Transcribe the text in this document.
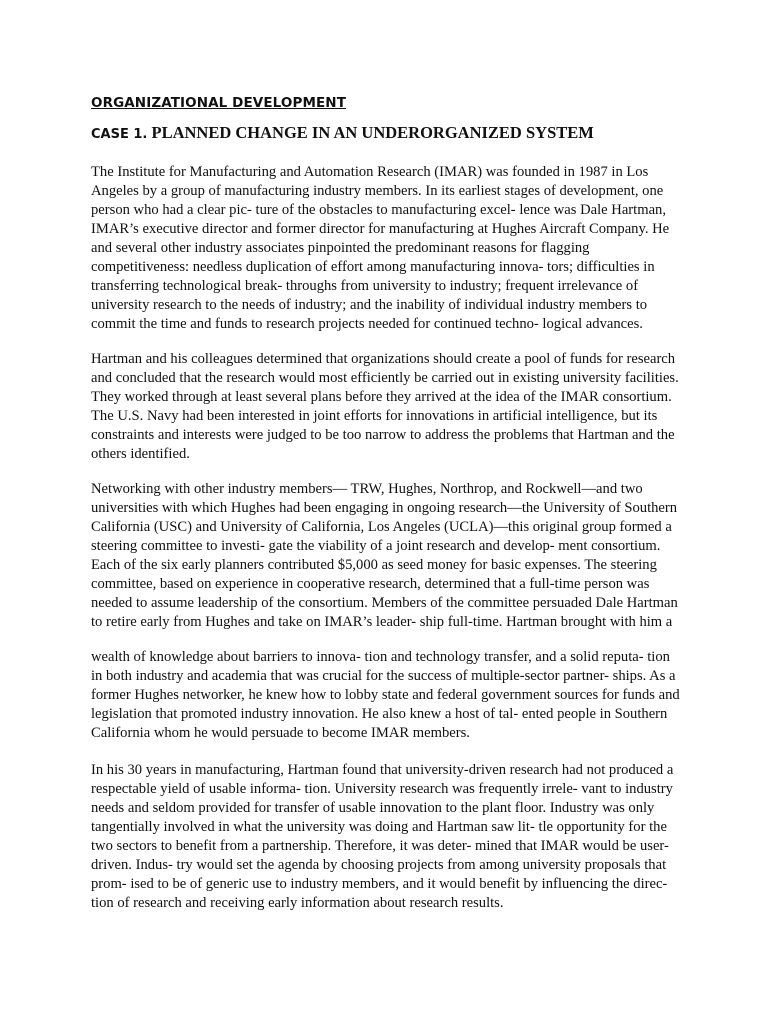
ORGANIZATIONAL DEVELOPMENT
CASE 1. PLANNED CHANGE IN AN UNDERORGANIZED SYSTEM

The Institute for Manufacturing and Automation Research (IMAR) was founded in 1987 in Los Angeles by a group of manufacturing industry members. In its earliest stages of development, one person who had a clear pic- ture of the obstacles to manufacturing excel- lence was Dale Hartman, IMAR’s executive director and former director for manufacturing at Hughes Aircraft Company. He and several other industry associates pinpointed the predominant reasons for flagging competitiveness: needless duplication of effort among manufacturing innova- tors; difficulties in transferring technological break- throughs from university to industry; frequent irrelevance of university research to the needs of industry; and the inability of individual industry members to commit the time and funds to research projects needed for continued techno- logical advances.

Hartman and his colleagues determined that organizations should create a pool of funds for research and concluded that the research would most efficiently be carried out in existing university facilities. They worked through at least several plans before they arrived at the idea of the IMAR consortium. The U.S. Navy had been interested in joint efforts for innovations in artificial intelligence, but its constraints and interests were judged to be too narrow to address the problems that Hartman and the others identified.

Networking with other industry members— TRW, Hughes, Northrop, and Rockwell—and two universities with which Hughes had been engaging in ongoing research—the University of Southern California (USC) and University of California, Los Angeles (UCLA)—this original group formed a steering committee to investi- gate the viability of a joint research and develop- ment consortium. Each of the six early planners contributed $5,000 as seed money for basic expenses. The steering committee, based on experience in cooperative research, determined that a full-time person was needed to assume leadership of the consortium. Members of the committee persuaded Dale Hartman to retire early from Hughes and take on IMAR’s leader- ship full-time. Hartman brought with him a

wealth of knowledge about barriers to innova- tion and technology transfer, and a solid reputa- tion in both industry and academia that was crucial for the success of multiple-sector partner- ships. As a former Hughes networker, he knew how to lobby state and federal government sources for funds and legislation that promoted industry innovation. He also knew a host of tal- ented people in Southern California whom he would persuade to become IMAR members.

In his 30 years in manufacturing, Hartman found that university-driven research had not produced a respectable yield of usable informa- tion. University research was frequently irrele- vant to industry needs and seldom provided for transfer of usable innovation to the plant floor. Industry was only tangentially involved in what the university was doing and Hartman saw lit- tle opportunity for the two sectors to benefit from a partnership. Therefore, it was deter- mined that IMAR would be user-driven. Indus- try would set the agenda by choosing projects from among university proposals that prom- ised to be of generic use to industry members, and it would benefit by influencing the direc- tion of research and receiving early information about research results.
